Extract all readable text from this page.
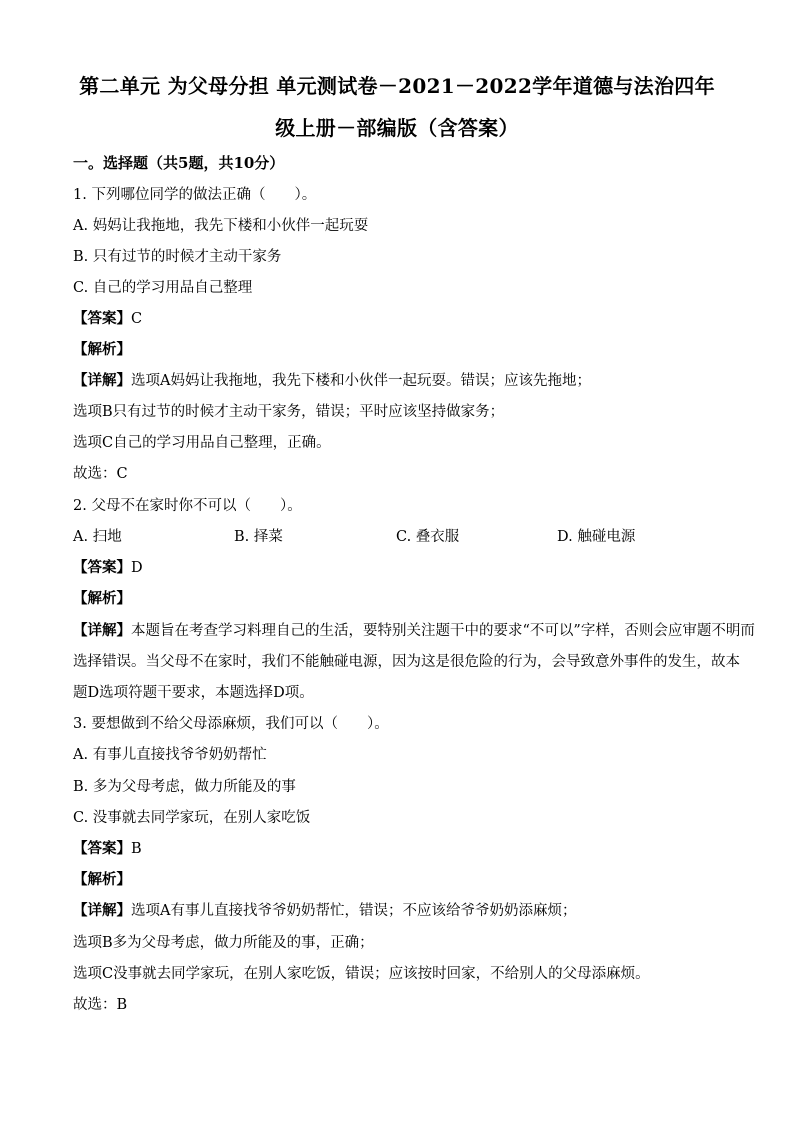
第二单元 为父母分担 单元测试卷－2021－2022学年道德与法治四年
级上册－部编版（含答案）
一。选择题（共5题，共10分）
1. 下列哪位同学的做法正确（　　）。
A. 妈妈让我拖地，我先下楼和小伙伴一起玩耍
B. 只有过节的时候才主动干家务
C. 自己的学习用品自己整理
【答案】C
【解析】
【详解】选项A妈妈让我拖地，我先下楼和小伙伴一起玩耍。错误；应该先拖地；
选项B只有过节的时候才主动干家务，错误；平时应该坚持做家务；
选项C自己的学习用品自己整理，正确。
故选：C
2. 父母不在家时你不可以（　　）。
A. 扫地	B. 择菜	C. 叠衣服	D. 触碰电源
【答案】D
【解析】
【详解】本题旨在考查学习料理自己的生活，要特别关注题干中的要求“不可以”字样，否则会应审题不明而
选择错误。当父母不在家时，我们不能触碰电源，因为这是很危险的行为，会导致意外事件的发生，故本
题D选项符题干要求，本题选择D项。
3. 要想做到不给父母添麻烦，我们可以（　　）。
A. 有事儿直接找爷爷奶奶帮忙
B. 多为父母考虑，做力所能及的事
C. 没事就去同学家玩，在别人家吃饭
【答案】B
【解析】
【详解】选项A有事儿直接找爷爷奶奶帮忙，错误；不应该给爷爷奶奶添麻烦；
选项B多为父母考虑，做力所能及的事，正确；
选项C没事就去同学家玩，在别人家吃饭，错误；应该按时回家，不给别人的父母添麻烦。
故选：B
